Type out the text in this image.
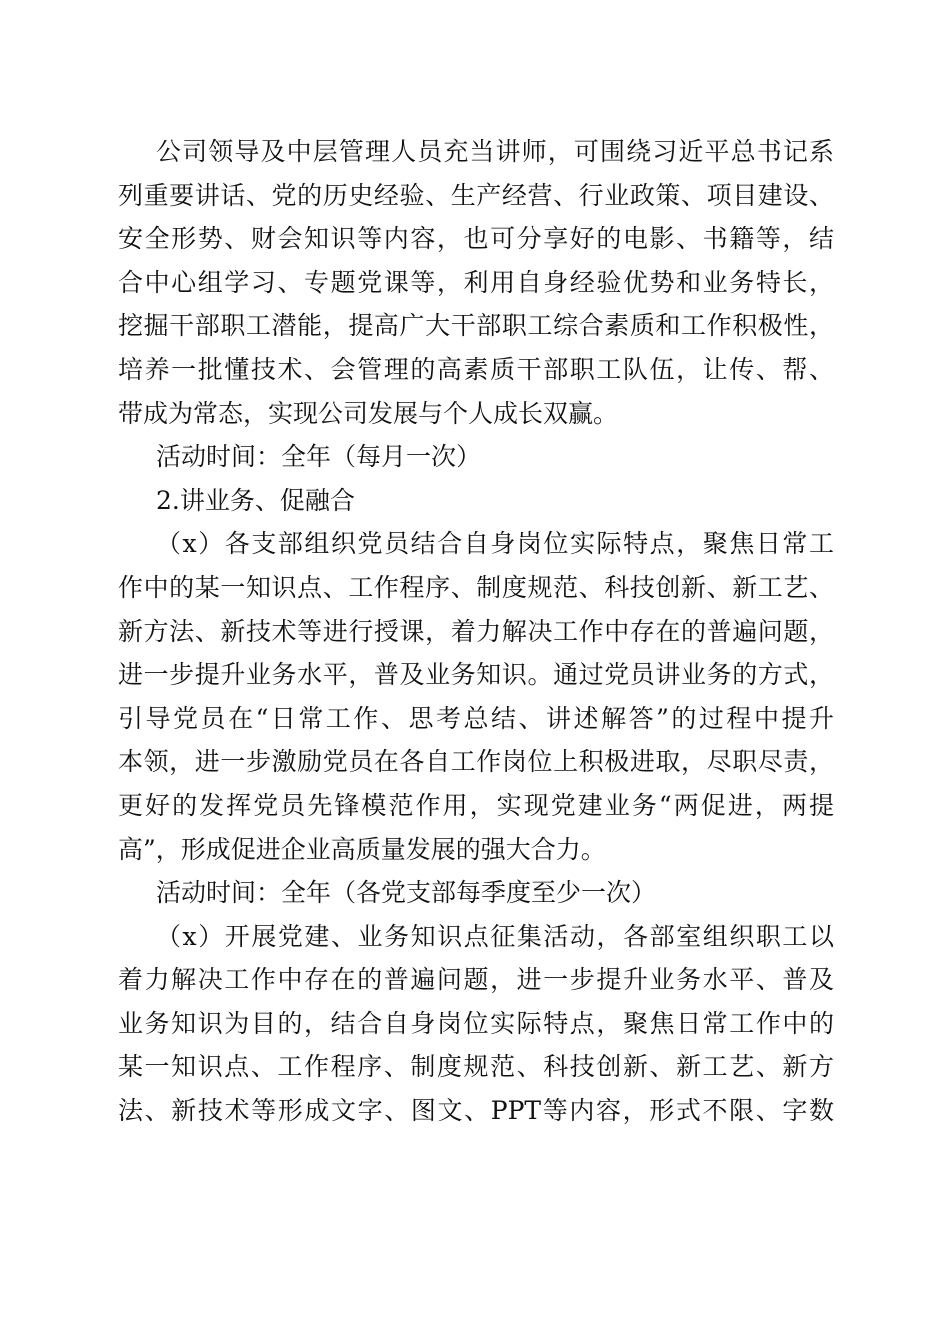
公司领导及中层管理人员充当讲师，可围绕习近平总书记系
列重要讲话、党的历史经验、生产经营、行业政策、项目建设、
安全形势、财会知识等内容，也可分享好的电影、书籍等，结
合中心组学习、专题党课等，利用自身经验优势和业务特长，
挖掘干部职工潜能，提高广大干部职工综合素质和工作积极性，
培养一批懂技术、会管理的高素质干部职工队伍，让传、帮、
带成为常态，实现公司发展与个人成长双赢。
活动时间：全年（每月一次）
2.讲业务、促融合
（x）各支部组织党员结合自身岗位实际特点，聚焦日常工
作中的某一知识点、工作程序、制度规范、科技创新、新工艺、
新方法、新技术等进行授课，着力解决工作中存在的普遍问题，
进一步提升业务水平，普及业务知识。通过党员讲业务的方式，
引导党员在“日常工作、思考总结、讲述解答”的过程中提升
本领，进一步激励党员在各自工作岗位上积极进取，尽职尽责，
更好的发挥党员先锋模范作用，实现党建业务“两促进，两提
高”，形成促进企业高质量发展的强大合力。
活动时间：全年（各党支部每季度至少一次）
（x）开展党建、业务知识点征集活动，各部室组织职工以
着力解决工作中存在的普遍问题，进一步提升业务水平、普及
业务知识为目的，结合自身岗位实际特点，聚焦日常工作中的
某一知识点、工作程序、制度规范、科技创新、新工艺、新方
法、新技术等形成文字、图文、PPT等内容，形式不限、字数
